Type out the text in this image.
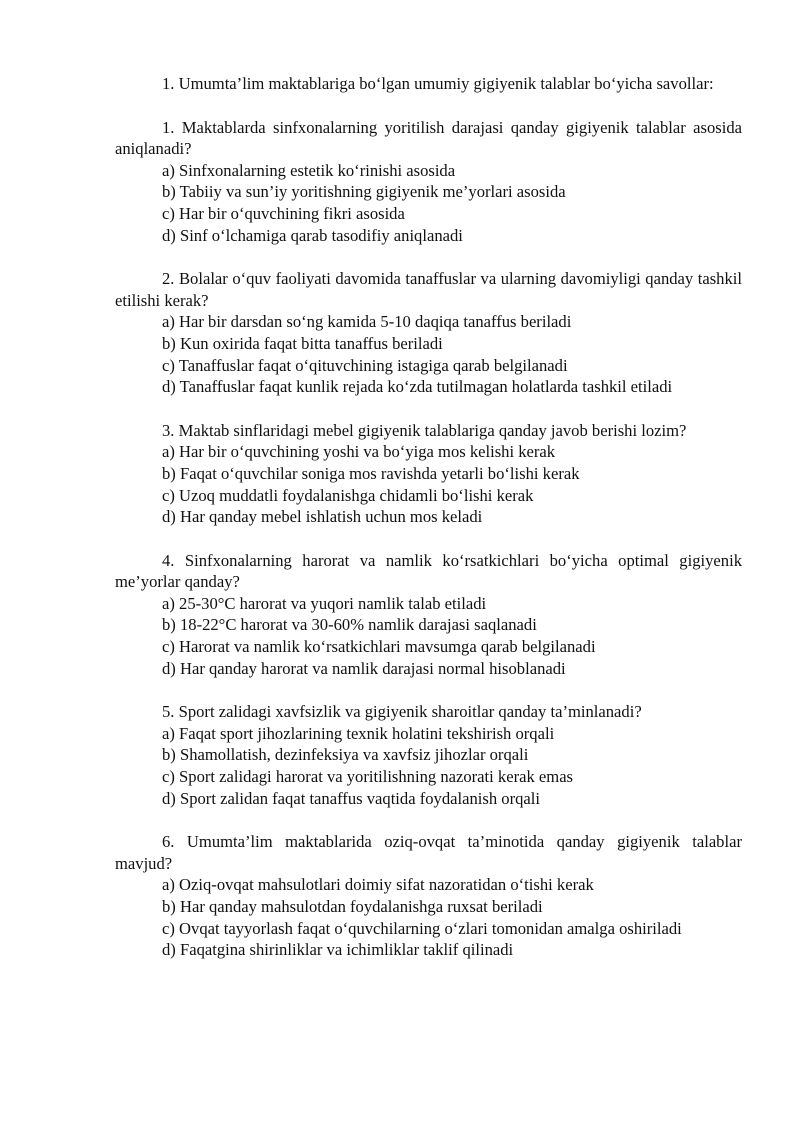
1. Umumta’lim maktablariga bo‘lgan umumiy gigiyenik talablar bo‘yicha savollar:

1. Maktablarda sinfxonalarning yoritilish darajasi qanday gigiyenik talablar asosida aniqlanadi?

a) Sinfxonalarning estetik ko‘rinishi asosida

b) Tabiiy va sun’iy yoritishning gigiyenik me’yorlari asosida

c) Har bir o‘quvchining fikri asosida

d) Sinf o‘lchamiga qarab tasodifiy aniqlanadi

2. Bolalar o‘quv faoliyati davomida tanaffuslar va ularning davomiyligi qanday tashkil etilishi kerak?

a) Har bir darsdan so‘ng kamida 5-10 daqiqa tanaffus beriladi

b) Kun oxirida faqat bitta tanaffus beriladi

c) Tanaffuslar faqat o‘qituvchining istagiga qarab belgilanadi

d) Tanaffuslar faqat kunlik rejada ko‘zda tutilmagan holatlarda tashkil etiladi

3. Maktab sinflaridagi mebel gigiyenik talablariga qanday javob berishi lozim?

a) Har bir o‘quvchining yoshi va bo‘yiga mos kelishi kerak

b) Faqat o‘quvchilar soniga mos ravishda yetarli bo‘lishi kerak

c) Uzoq muddatli foydalanishga chidamli bo‘lishi kerak

d) Har qanday mebel ishlatish uchun mos keladi

4. Sinfxonalarning harorat va namlik ko‘rsatkichlari bo‘yicha optimal gigiyenik me’yorlar qanday?

a) 25-30°C harorat va yuqori namlik talab etiladi

b) 18-22°C harorat va 30-60% namlik darajasi saqlanadi

c) Harorat va namlik ko‘rsatkichlari mavsumga qarab belgilanadi

d) Har qanday harorat va namlik darajasi normal hisoblanadi

5. Sport zalidagi xavfsizlik va gigiyenik sharoitlar qanday ta’minlanadi?

a) Faqat sport jihozlarining texnik holatini tekshirish orqali

b) Shamollatish, dezinfeksiya va xavfsiz jihozlar orqali

c) Sport zalidagi harorat va yoritilishning nazorati kerak emas

d) Sport zalidan faqat tanaffus vaqtida foydalanish orqali

6. Umumta’lim maktablarida oziq-ovqat ta’minotida qanday gigiyenik talablar mavjud?

a) Oziq-ovqat mahsulotlari doimiy sifat nazoratidan o‘tishi kerak

b) Har qanday mahsulotdan foydalanishga ruxsat beriladi

c) Ovqat tayyorlash faqat o‘quvchilarning o‘zlari tomonidan amalga oshiriladi

d) Faqatgina shirinliklar va ichimliklar taklif qilinadi
